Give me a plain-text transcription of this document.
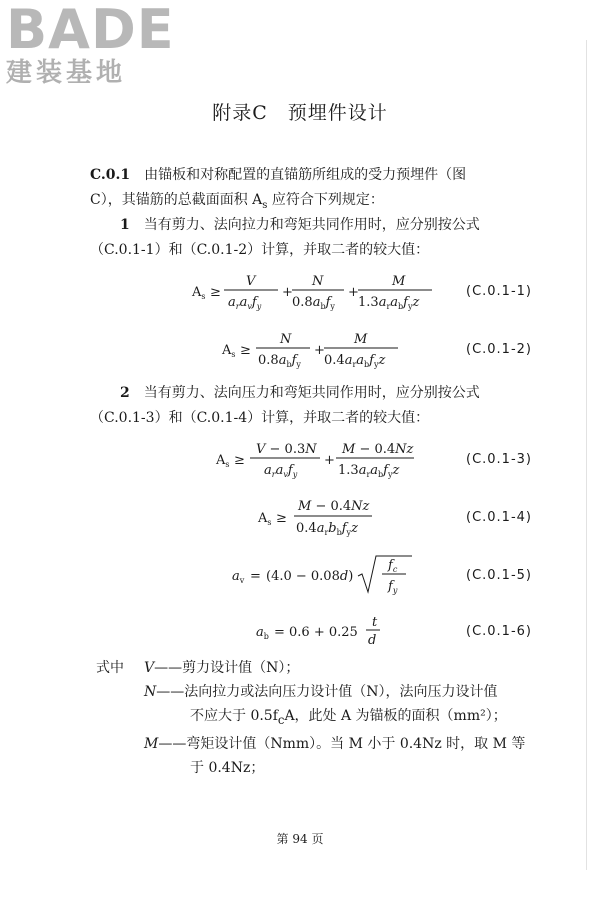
BADE
建装基地
附录C　预埋件设计
C.0.1　 由锚板和对称配置的直锚筋所组成的受力预埋件（图
C），其锚筋的总截面面积 $A_s$ 应符合下列规定：
1　 当有剪力、法向拉力和弯矩共同作用时，应分别按公式
（C.0.1-1）和（C.0.1-2）计算，并取二者的较大值：
$A_s$ ≥
V
$a_ra_vf_y$
+
N
$0.8a_bf_y$
+
M
$1.3a_ra_bf_yz$
(C.0.1-1)
$A_s$ ≥
N
$0.8a_bf_y$
+
M
$0.4a_ra_bf_yz$
(C.0.1-2)
2　 当有剪力、法向压力和弯矩共同作用时，应分别按公式
（C.0.1-3）和（C.0.1-4）计算，并取二者的较大值：
$A_s$ ≥
V − 0.3N
$a_ra_vf_y$
+
M − 0.4Nz
$1.3a_ra_bf_yz$
(C.0.1-3)
$A_s$ ≥
M − 0.4Nz
$0.4a_rb_bf_yz$
(C.0.1-4)
$a_v = (4.0 - 0.08d)$
$f_c$
$f_y$
(C.0.1-5)
$a_b = 0.6 + 0.25$
t
d
(C.0.1-6)
式中 V——剪力设计值（N）；
N——法向拉力或法向压力设计值（N），法向压力设计值
不应大于 $0.5f_cA$，此处 A 为锚板的面积（mm²）；
M——弯矩设计值（Nmm）。当 M 小于 0.4Nz 时，取 M 等
于 0.4Nz；
第 94 页
